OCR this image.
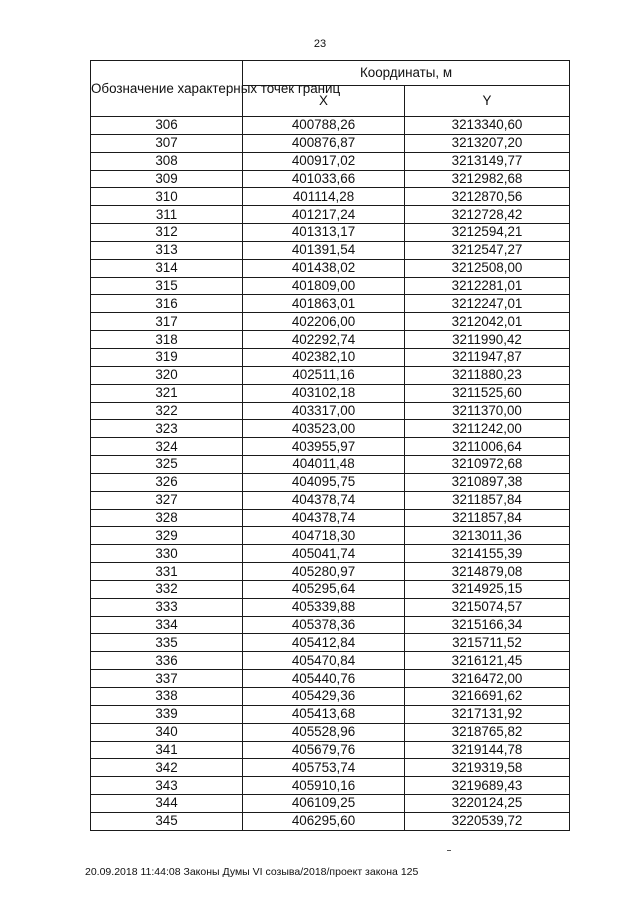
23
Обозначение характерных точек границ	Координаты, м	
	X	Y
306	400788,26	3213340,60
307	400876,87	3213207,20
308	400917,02	3213149,77
309	401033,66	3212982,68
310	401114,28	3212870,56
311	401217,24	3212728,42
312	401313,17	3212594,21
313	401391,54	3212547,27
314	401438,02	3212508,00
315	401809,00	3212281,01
316	401863,01	3212247,01
317	402206,00	3212042,01
318	402292,74	3211990,42
319	402382,10	3211947,87
320	402511,16	3211880,23
321	403102,18	3211525,60
322	403317,00	3211370,00
323	403523,00	3211242,00
324	403955,97	3211006,64
325	404011,48	3210972,68
326	404095,75	3210897,38
327	404378,74	3211857,84
328	404378,74	3211857,84
329	404718,30	3213011,36
330	405041,74	3214155,39
331	405280,97	3214879,08
332	405295,64	3214925,15
333	405339,88	3215074,57
334	405378,36	3215166,34
335	405412,84	3215711,52
336	405470,84	3216121,45
337	405440,76	3216472,00
338	405429,36	3216691,62
339	405413,68	3217131,92
340	405528,96	3218765,82
341	405679,76	3219144,78
342	405753,74	3219319,58
343	405910,16	3219689,43
344	406109,25	3220124,25
345	406295,60	3220539,72
20.09.2018 11:44:08 Законы Думы VI созыва/2018/проект закона 125
